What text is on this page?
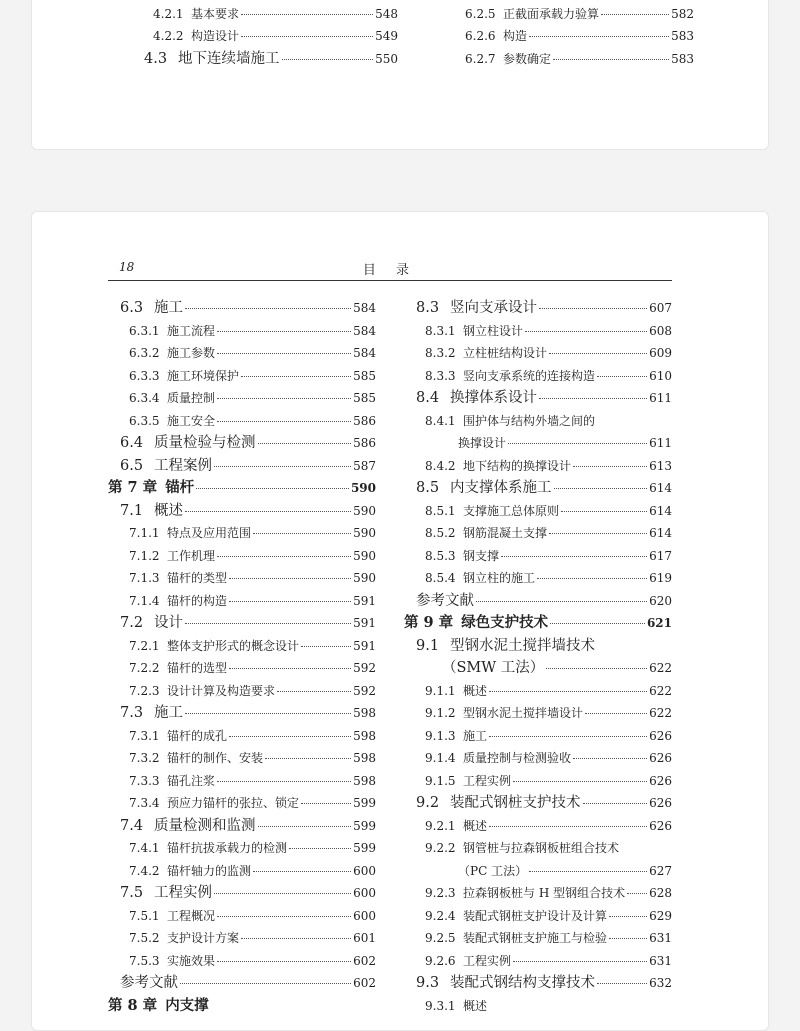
4.2.1 基本要求	548
4.2.2 构造设计	549
4.3 地下连续墙施工	550
6.2.5 正截面承载力验算	582
6.2.6 构造	583
6.2.7 参数确定	583
18	目 录
6.3 施工	584
6.3.1 施工流程	584
6.3.2 施工参数	584
6.3.3 施工环境保护	585
6.3.4 质量控制	585
6.3.5 施工安全	586
6.4 质量检验与检测	586
6.5 工程案例	587
第 7 章 锚杆	590
7.1 概述	590
7.1.1 特点及应用范围	590
7.1.2 工作机理	590
7.1.3 锚杆的类型	590
7.1.4 锚杆的构造	591
7.2 设计	591
7.2.1 整体支护形式的概念设计	591
7.2.2 锚杆的选型	592
7.2.3 设计计算及构造要求	592
7.3 施工	598
7.3.1 锚杆的成孔	598
7.3.2 锚杆的制作、安装	598
7.3.3 锚孔注浆	598
7.3.4 预应力锚杆的张拉、锁定	599
7.4 质量检测和监测	599
7.4.1 锚杆抗拔承载力的检测	599
7.4.2 锚杆轴力的监测	600
7.5 工程实例	600
7.5.1 工程概况	600
7.5.2 支护设计方案	601
7.5.3 实施效果	602
参考文献	602
第 8 章 内支撑
8.3 竖向支承设计	607
8.3.1 钢立柱设计	608
8.3.2 立柱桩结构设计	609
8.3.3 竖向支承系统的连接构造	610
8.4 换撑体系设计	611
8.4.1 围护体与结构外墙之间的
换撑设计	611
8.4.2 地下结构的换撑设计	613
8.5 内支撑体系施工	614
8.5.1 支撑施工总体原则	614
8.5.2 钢筋混凝土支撑	614
8.5.3 钢支撑	617
8.5.4 钢立柱的施工	619
参考文献	620
第 9 章 绿色支护技术	621
9.1 型钢水泥土搅拌墙技术
（SMW 工法）	622
9.1.1 概述	622
9.1.2 型钢水泥土搅拌墙设计	622
9.1.3 施工	626
9.1.4 质量控制与检测验收	626
9.1.5 工程实例	626
9.2 装配式钢桩支护技术	626
9.2.1 概述	626
9.2.2 钢管桩与拉森钢板桩组合技术
（PC 工法）	627
9.2.3 拉森钢板桩与 H 型钢组合技术 628
9.2.4 装配式钢桩支护设计及计算	629
9.2.5 装配式钢桩支护施工与检验	631
9.2.6 工程实例	631
9.3 装配式钢结构支撑技术	632
9.3.1 概述
